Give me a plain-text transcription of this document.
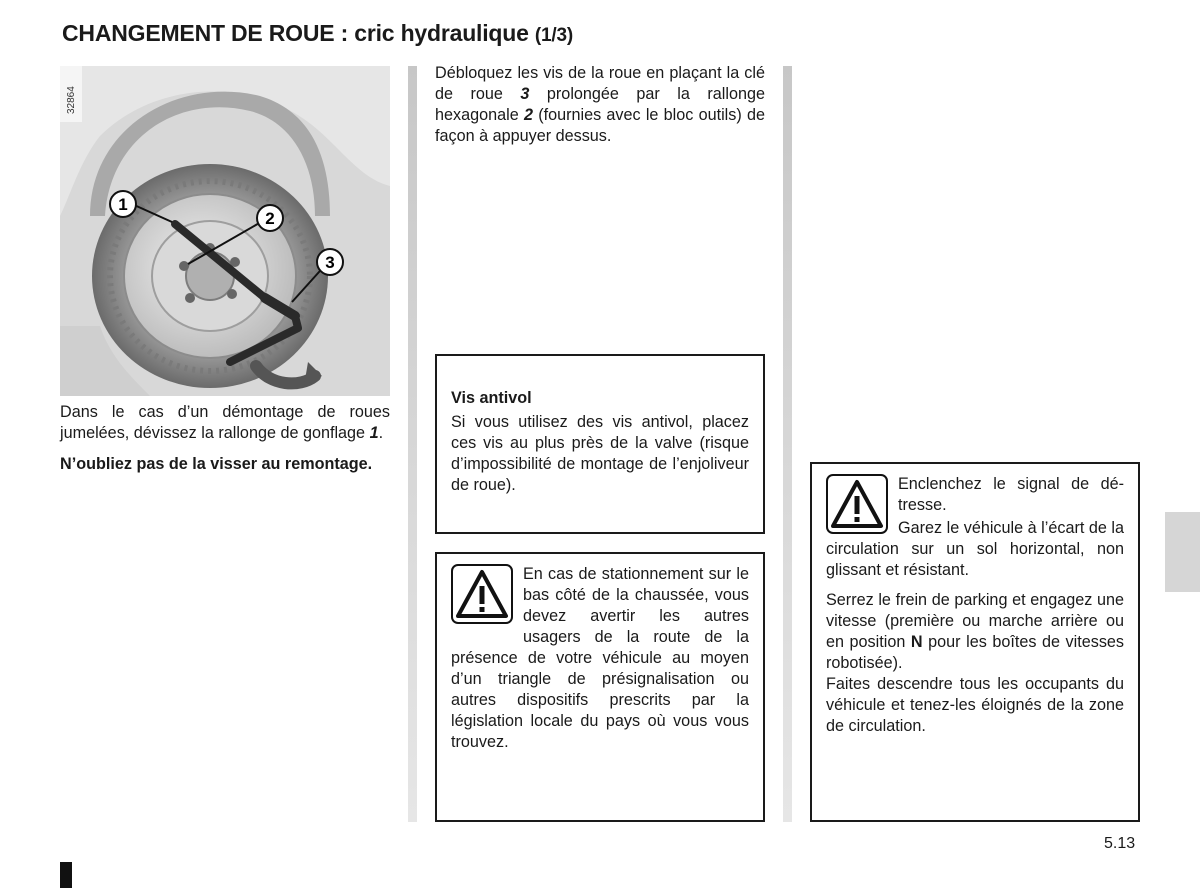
CHANGEMENT DE ROUE : cric hydraulique (1/3)
1
2
3
32864

Dans le cas d’un démontage de roues jumelées, dévissez la rallonge de gonflage 1.

N’oubliez pas de la visser au remontage.

Débloquez les vis de la roue en plaçant la clé de roue 3 prolongée par la rallonge hexagonale 2 (fournies avec le bloc outils) de façon à appuyer dessus.
Vis antivol

Si vous utilisez des vis antivol, placez ces vis au plus près de la valve (risque d’impossibilité de montage de l’enjoliveur de roue).

En cas de stationnement sur le bas côté de la chaussée, vous devez avertir les autres usagers de la route de la présence de votre véhicule au moyen d’un triangle de présignalisation ou autres dispositifs prescrits par la législation locale du pays où vous vous trouvez.

Enclenchez le signal de détresse.

Garez le véhicule à l’écart de la circulation sur un sol horizontal, non glissant et résistant.

Serrez le frein de parking et engagez une vitesse (première ou marche arrière ou en position N pour les boîtes de vitesses robotisée).

Faites descendre tous les occupants du véhicule et tenez-les éloignés de la zone de circulation.

5.13
